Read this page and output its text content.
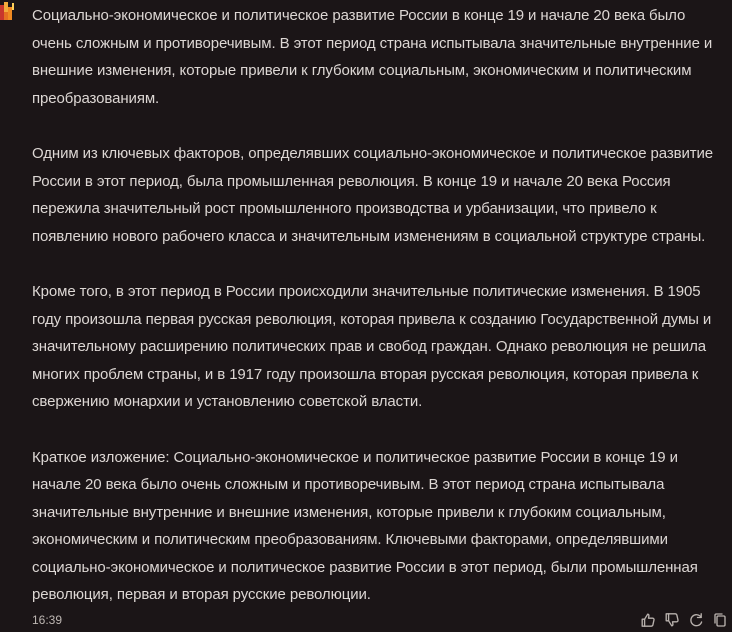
Социально-экономическое и политическое развитие России в конце 19 и начале 20 века было очень сложным и противоречивым. В этот период страна испытывала значительные внутренние и внешние изменения, которые привели к глубоким социальным, экономическим и политическим преобразованиям.

Одним из ключевых факторов, определявших социально-экономическое и политическое развитие России в этот период, была промышленная революция. В конце 19 и начале 20 века Россия пережила значительный рост промышленного производства и урбанизации, что привело к появлению нового рабочего класса и значительным изменениям в социальной структуре страны.

Кроме того, в этот период в России происходили значительные политические изменения. В 1905 году произошла первая русская революция, которая привела к созданию Государственной думы и значительному расширению политических прав и свобод граждан. Однако революция не решила многих проблем страны, и в 1917 году произошла вторая русская революция, которая привела к свержению монархии и установлению советской власти.

Краткое изложение: Социально-экономическое и политическое развитие России в конце 19 и начале 20 века было очень сложным и противоречивым. В этот период страна испытывала значительные внутренние и внешние изменения, которые привели к глубоким социальным, экономическим и политическим преобразованиям. Ключевыми факторами, определявшими социально-экономическое и политическое развитие России в этот период, были промышленная революция, первая и вторая русские революции.

16:39
